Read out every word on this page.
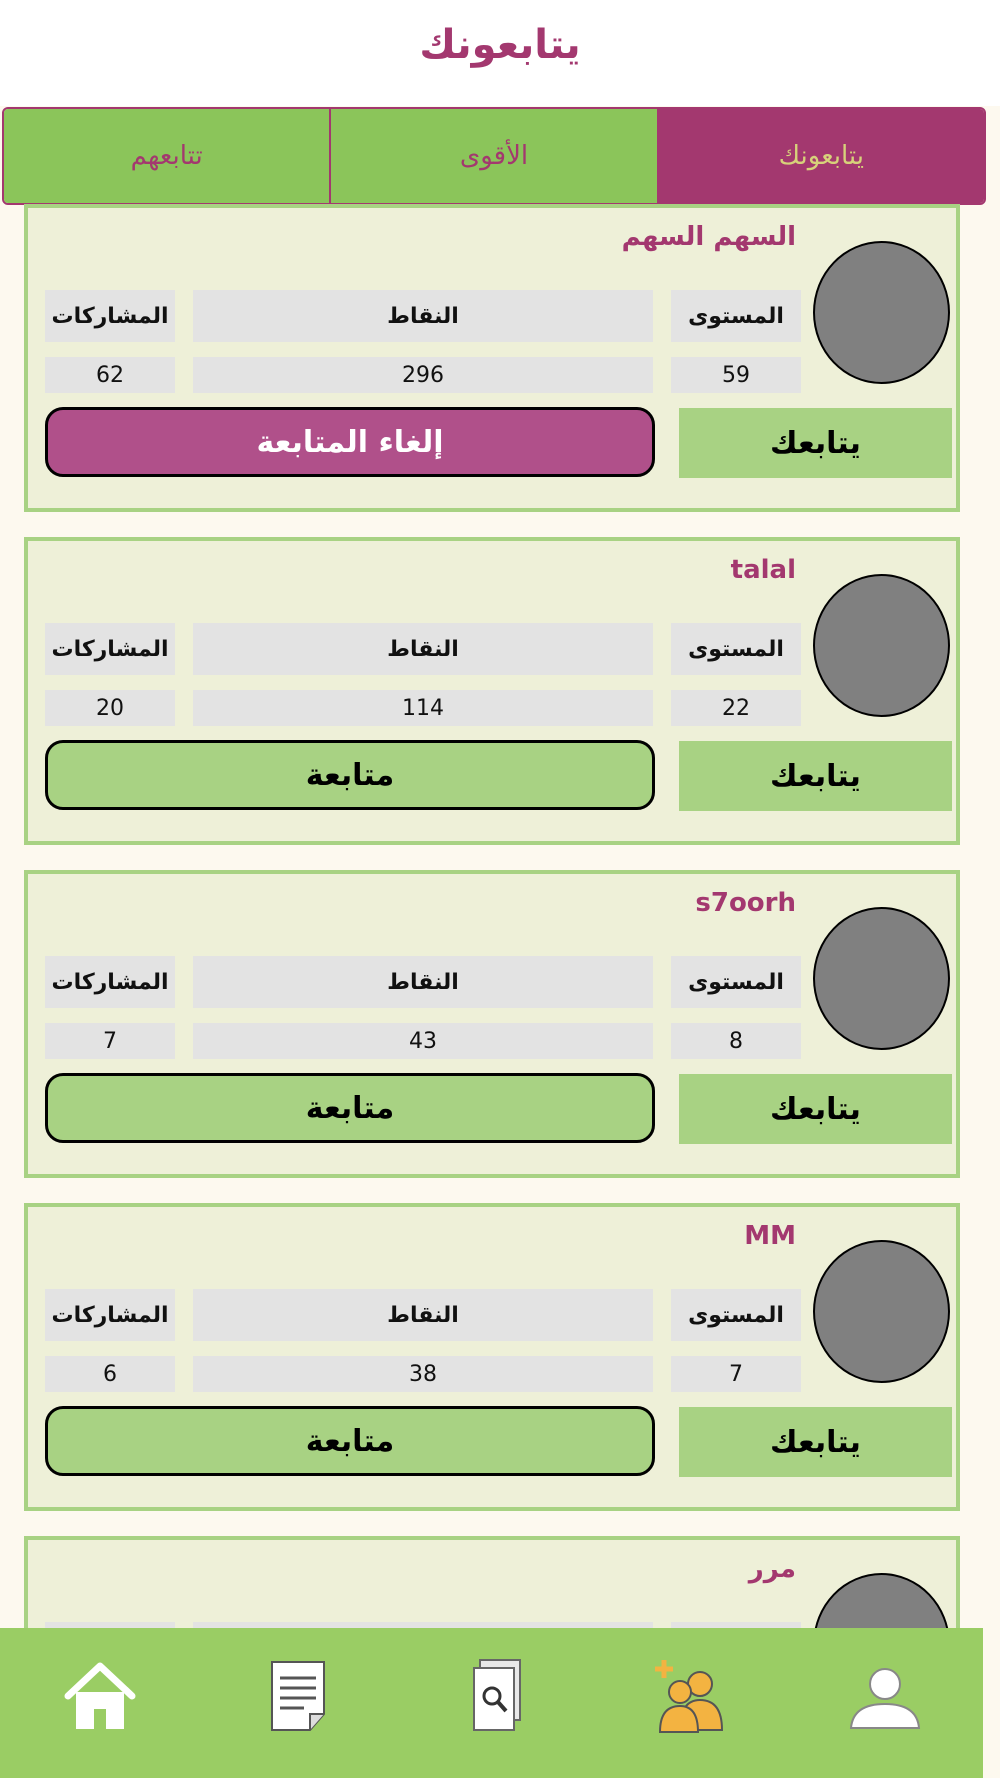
يتابعونك
يتابعونك
الأقوى
تتابعهم
السهم السهم
المستوى
النقاط
المشاركات
59
296
62
يتابعك
إلغاء المتابعة
talal
المستوى
النقاط
المشاركات
22
114
20
يتابعك
متابعة
s7oorh
المستوى
النقاط
المشاركات
8
43
7
يتابعك
متابعة
MM
المستوى
النقاط
المشاركات
7
38
6
يتابعك
متابعة
مرر
